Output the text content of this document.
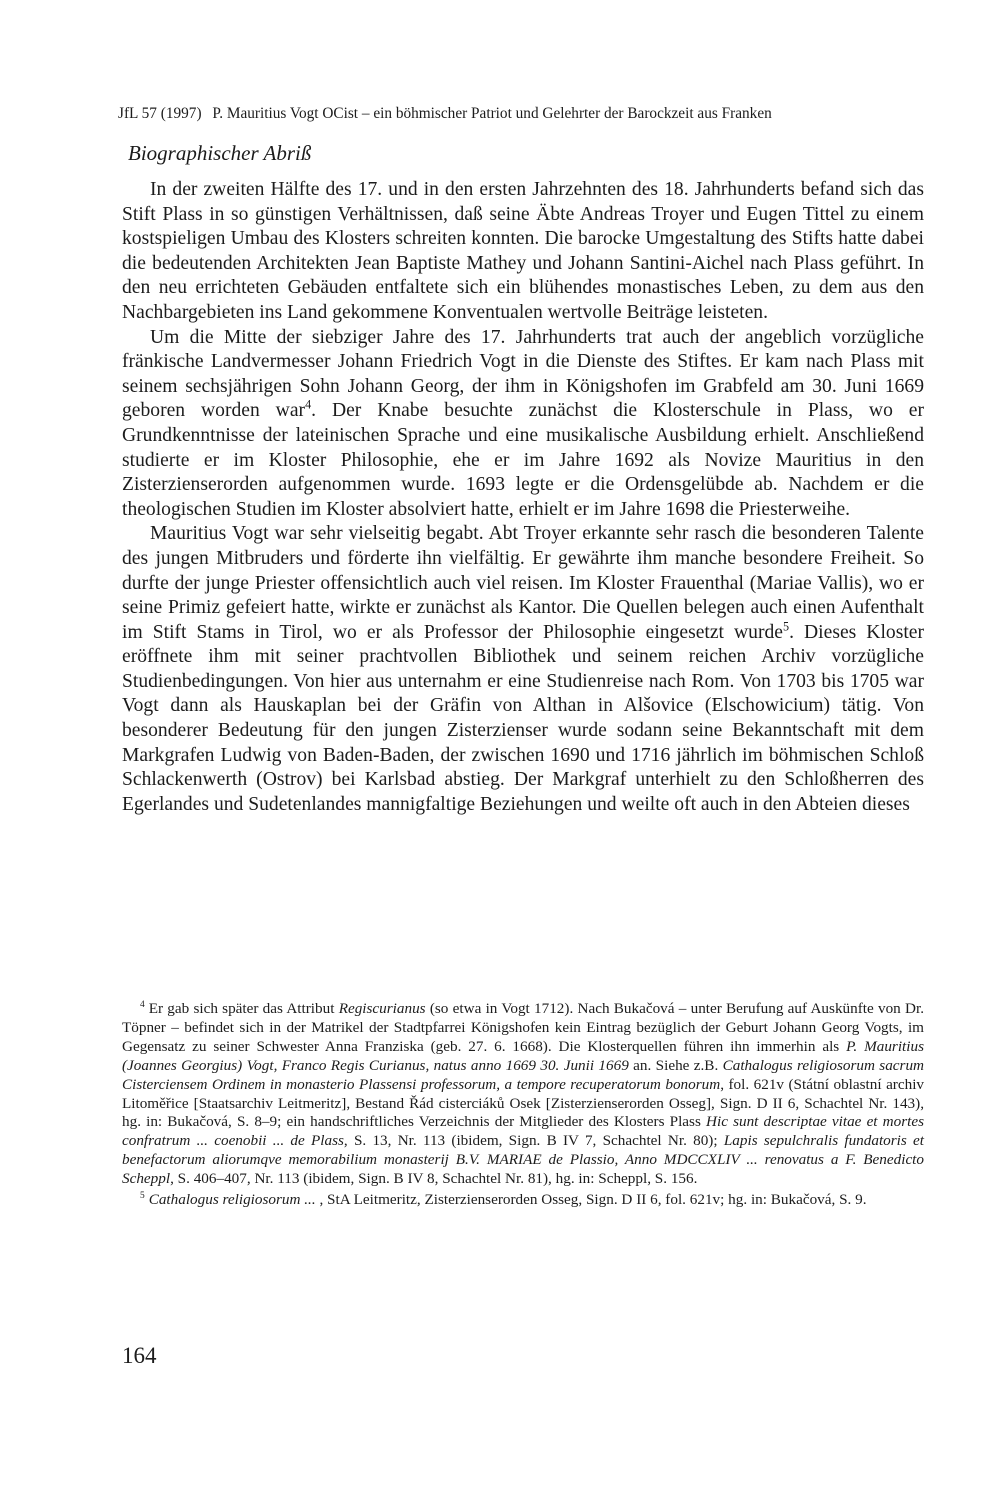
JfL 57 (1997) P. Mauritius Vogt OCist – ein böhmischer Patriot und Gelehrter der Barockzeit aus Franken
Biographischer Abriß

In der zweiten Hälfte des 17. und in den ersten Jahrzehnten des 18. Jahrhunderts befand sich das Stift Plass in so günstigen Verhältnissen, daß seine Äbte Andreas Troyer und Eugen Tittel zu einem kostspieligen Umbau des Klosters schreiten konnten. Die barocke Umgestaltung des Stifts hatte dabei die bedeutenden Architekten Jean Baptiste Mathey und Johann Santini-Aichel nach Plass geführt. In den neu errichteten Gebäuden entfaltete sich ein blühendes monastisches Leben, zu dem aus den Nachbargebieten ins Land gekommene Konventualen wertvolle Beiträge leisteten.

Um die Mitte der siebziger Jahre des 17. Jahrhunderts trat auch der angeblich vorzügliche fränkische Landvermesser Johann Friedrich Vogt in die Dienste des Stiftes. Er kam nach Plass mit seinem sechsjährigen Sohn Johann Georg, der ihm in Königshofen im Grabfeld am 30. Juni 1669 geboren worden war$^4$. Der Knabe besuchte zunächst die Klosterschule in Plass, wo er Grundkenntnisse der lateinischen Sprache und eine musikalische Ausbildung erhielt. Anschließend studierte er im Kloster Philosophie, ehe er im Jahre 1692 als Novize Mauritius in den Zisterzienserorden aufgenommen wurde. 1693 legte er die Ordensgelübde ab. Nachdem er die theologischen Studien im Kloster absolviert hatte, erhielt er im Jahre 1698 die Priesterweihe.

Mauritius Vogt war sehr vielseitig begabt. Abt Troyer erkannte sehr rasch die besonderen Talente des jungen Mitbruders und förderte ihn vielfältig. Er gewährte ihm manche besondere Freiheit. So durfte der junge Priester offensichtlich auch viel reisen. Im Kloster Frauenthal (Mariae Vallis), wo er seine Primiz gefeiert hatte, wirkte er zunächst als Kantor. Die Quellen belegen auch einen Aufenthalt im Stift Stams in Tirol, wo er als Professor der Philosophie eingesetzt wurde$^5$. Dieses Kloster eröffnete ihm mit seiner prachtvollen Bibliothek und seinem reichen Archiv vorzügliche Studienbedingungen. Von hier aus unternahm er eine Studienreise nach Rom. Von 1703 bis 1705 war Vogt dann als Hauskaplan bei der Gräfin von Althan in Alšovice (Elschowicium) tätig. Von besonderer Bedeutung für den jungen Zisterzienser wurde sodann seine Bekanntschaft mit dem Markgrafen Ludwig von Baden-Baden, der zwischen 1690 und 1716 jährlich im böhmischen Schloß Schlackenwerth (Ostrov) bei Karlsbad abstieg. Der Markgraf unterhielt zu den Schloßherren des Egerlandes und Sudetenlandes mannigfaltige Beziehungen und weilte oft auch in den Abteien dieses

$^4$ Er gab sich später das Attribut Regiscurianus (so etwa in Vogt 1712). Nach Bukačová – unter Berufung auf Auskünfte von Dr. Töpner – befindet sich in der Matrikel der Stadtpfarrei Königshofen kein Eintrag bezüglich der Geburt Johann Georg Vogts, im Gegensatz zu seiner Schwester Anna Franziska (geb. 27. 6. 1668). Die Klosterquellen führen ihn immerhin als P. Mauritius (Joannes Georgius) Vogt, Franco Regis Curianus, natus anno 1669 30. Junii 1669 an. Siehe z.B. Cathalogus religiosorum sacrum Cisterciensem Ordinem in monasterio Plassensi professorum, a tempore recuperatorum bonorum, fol. 621v (Státní oblastní archiv Litoměřice [Staatsarchiv Leitmeritz], Bestand Řád cisterciáků Osek [Zisterzienserorden Osseg], Sign. D II 6, Schachtel Nr. 143), hg. in: Bukačová, S. 8–9; ein handschriftliches Verzeichnis der Mitglieder des Klosters Plass Hic sunt descriptae vitae et mortes confratrum ... coenobii ... de Plass, S. 13, Nr. 113 (ibidem, Sign. B IV 7, Schachtel Nr. 80); Lapis sepulchralis fundatoris et benefactorum aliorumqve memorabilium monasterij B.V. MARIAE de Plassio, Anno MDCCXLIV ... renovatus a F. Benedicto Scheppl, S. 406–407, Nr. 113 (ibidem, Sign. B IV 8, Schachtel Nr. 81), hg. in: Scheppl, S. 156.

$^5$ Cathalogus religiosorum ... , StA Leitmeritz, Zisterzienserorden Osseg, Sign. D II 6, fol. 621v; hg. in: Bukačová, S. 9.

164
